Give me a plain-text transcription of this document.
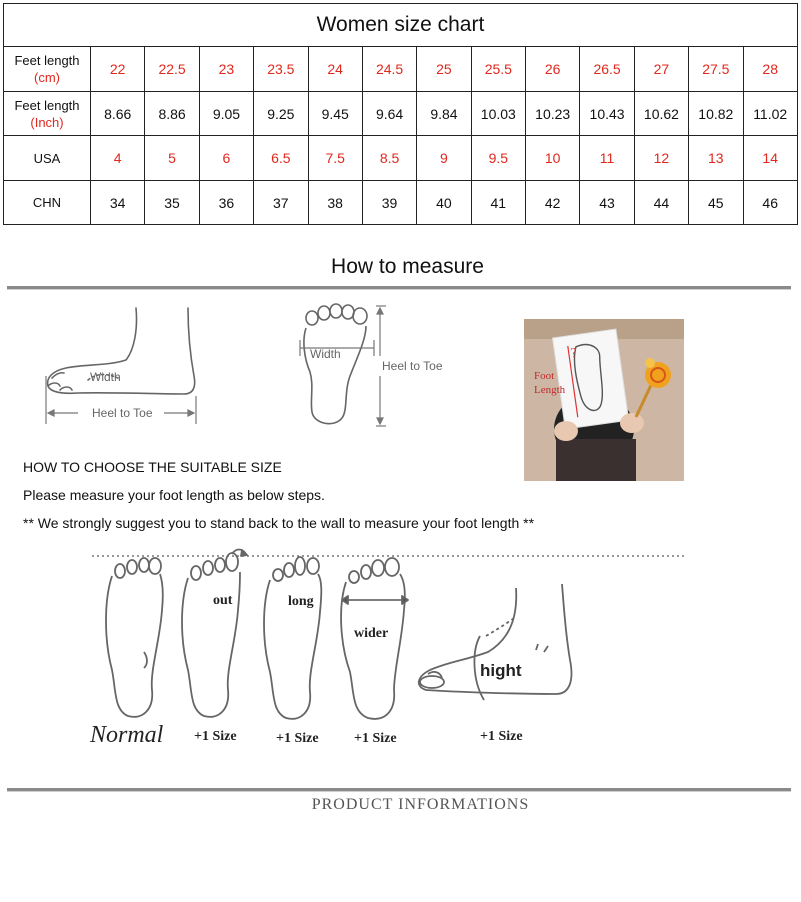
Women size chart													
Feet length
(cm)	22	22.5	23	23.5	24	24.5	25	25.5	26	26.5	27	27.5	28
Feet length
(Inch)	8.66	8.86	9.05	9.25	9.45	9.64	9.84	10.03	10.23	10.43	10.62	10.82	11.02
USA	4	5	6	6.5	7.5	8.5	9	9.5	10	11	12	13	14
CHN	34	35	36	37	38	39	40	41	42	43	44	45	46
How to measure
Width
Heel to Toe
Width
Heel to Toe
?
Foot
Length
HOW TO CHOOSE THE SUITABLE SIZE
Please measure your foot length as below steps.
** We strongly suggest you to stand back to the wall to measure your foot length **
out	long
wider
hight
Normal +1 Size	+1 Size	+1 Size	+1 Size
PRODUCT INFORMATIONS
